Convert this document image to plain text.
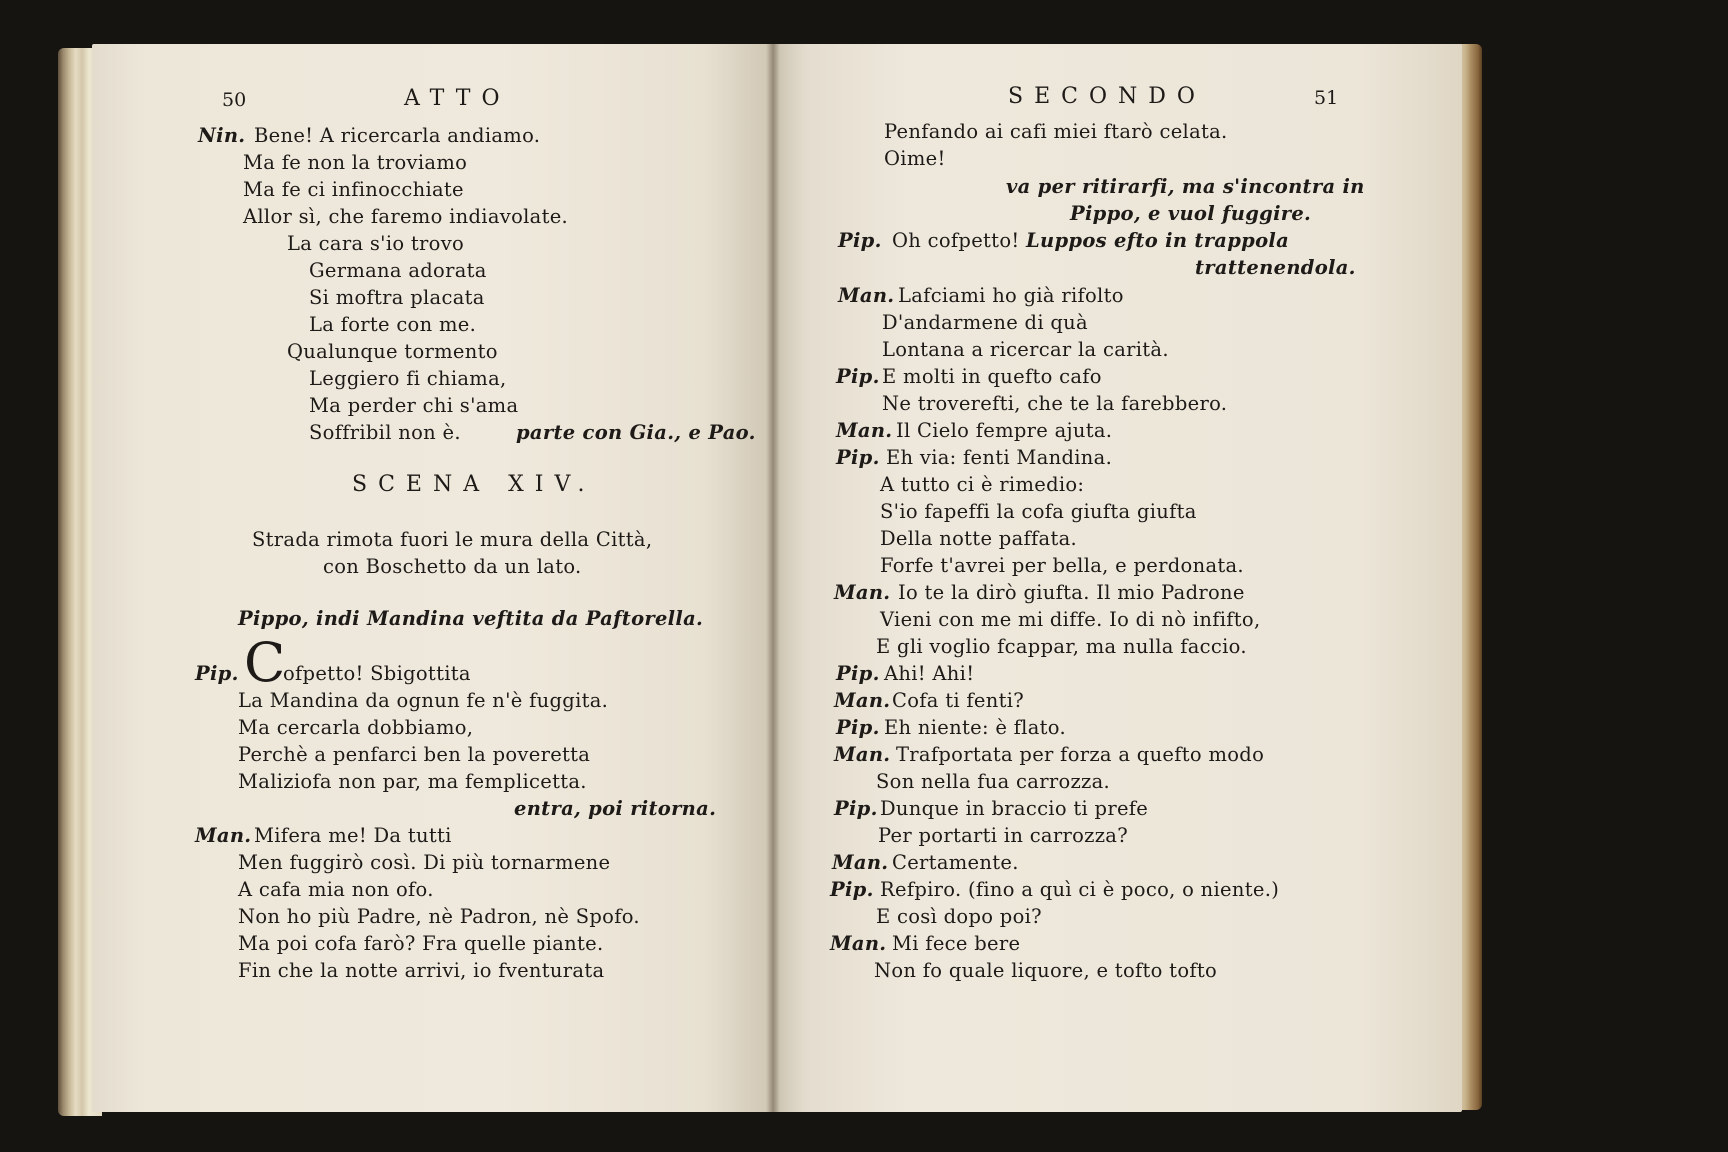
50	ATTO
Nin. Bene! A ricercarla andiamo.
Ma fe non la troviamo
Ma fe ci infinocchiate
Allor sì, che faremo indiavolate.
La cara s'io trovo
Germana adorata
Si moftra placata
La forte con me.
Qualunque tormento
Leggiero fi chiama,
Ma perder chi s'ama
Soffribil non è.	parte con Gia., e Pao.
SCENA XIV.
Strada rimota fuori le mura della Città,
con Boschetto da un lato.
Pippo, indi Mandina veftita da Paftorella.
Pip. C
ofpetto! Sbigottita
La Mandina da ognun fe n'è fuggita.
Ma cercarla dobbiamo,
Perchè a penfarci ben la poveretta
Maliziofa non par, ma femplicetta.
entra, poi ritorna.
Man. Mifera me! Da tutti
Men fuggirò così. Di più tornarmene
A cafa mia non ofo.
Non ho più Padre, nè Padron, nè Spofo.
Ma poi cofa farò? Fra quelle piante.
Fin che la notte arrivi, io fventurata
SECONDO	51
Penfando ai cafi miei ftarò celata.
Oime!
va per ritirarfi, ma s'incontra in
Pippo, e vuol fuggire.
Pip. Oh cofpetto! Luppos efto in trappola
trattenendola.
Man. Lafciami ho già rifolto
D'andarmene di quà
Lontana a ricercar la carità.
Pip. E molti in quefto cafo
Ne troverefti, che te la farebbero.
Man. Il Cielo fempre ajuta.
Pip. Eh via: fenti Mandina.
A tutto ci è rimedio:
S'io fapeffi la cofa giufta giufta
Della notte paffata.
Forfe t'avrei per bella, e perdonata.
Man. Io te la dirò giufta. Il mio Padrone
Vieni con me mi diffe. Io di nò infifto,
E gli voglio fcappar, ma nulla faccio.
Pip. Ahi! Ahi!
Man. Cofa ti fenti?
Pip. Eh niente: è flato.
Man. Trafportata per forza a quefto modo
Son nella fua carrozza.
Pip. Dunque in braccio ti prefe
Per portarti in carrozza?
Man. Certamente.
Pip. Refpiro. (fino a quì ci è poco, o niente.)
E così dopo poi?
Man. Mi fece bere
Non fo quale liquore, e tofto tofto
